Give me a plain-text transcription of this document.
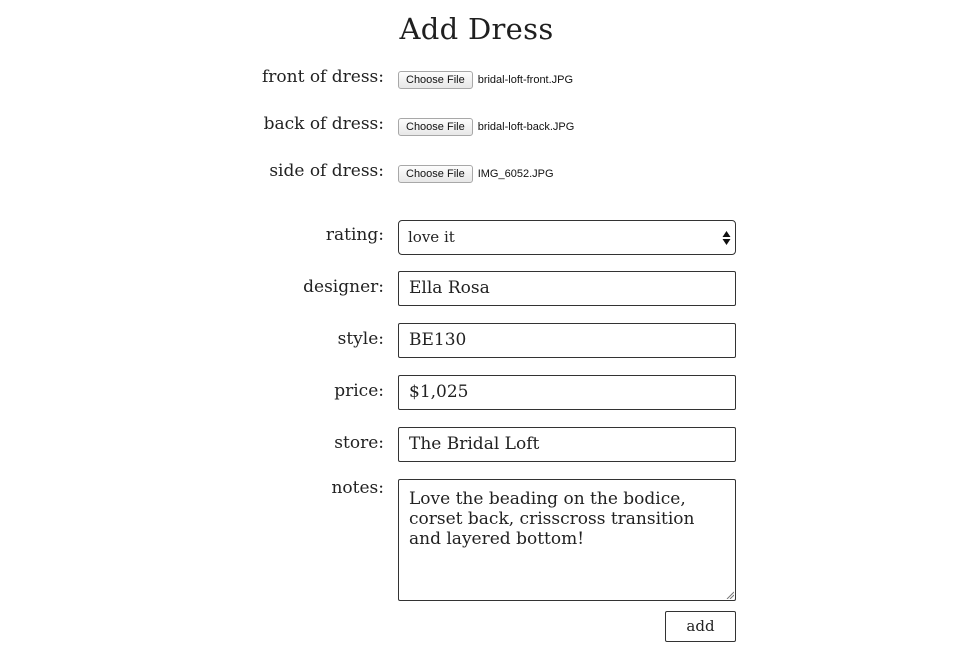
Add Dress
front of dress:	Choose File	bridal-loft-front.JPG
back of dress:	Choose File	bridal-loft-back.JPG
side of dress:	Choose File	IMG_6052.JPG
rating:	love it
designer:	Ella Rosa
style:	BE130
price:	$1,025
store:	The Bridal Loft
notes:
Love the beading on the bodice, corset back, crisscross transition and layered bottom!
add
